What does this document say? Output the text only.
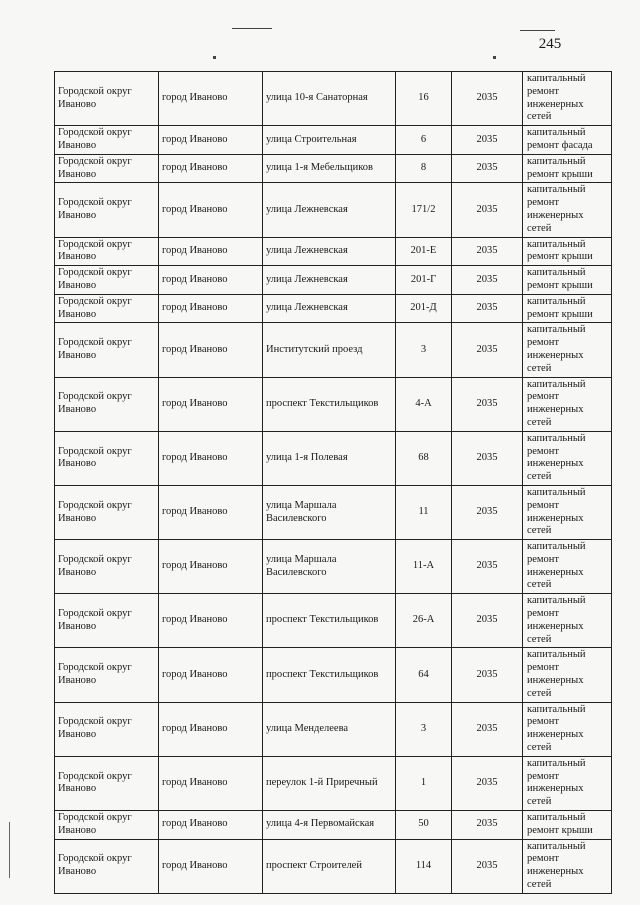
245
Городской округ Иваново	город Иваново	улица 10-я Санаторная	16	2035	капитальный ремонт инженерных сетей
Городской округ Иваново	город Иваново	улица Строительная	6	2035	капитальный ремонт фасада
Городской округ Иваново	город Иваново	улица 1-я Мебельщиков	8	2035	капитальный ремонт крыши
Городской округ Иваново	город Иваново	улица Лежневская	171/2	2035	капитальный ремонт инженерных сетей
Городской округ Иваново	город Иваново	улица Лежневская	201-Е	2035	капитальный ремонт крыши
Городской округ Иваново	город Иваново	улица Лежневская	201-Г	2035	капитальный ремонт крыши
Городской округ Иваново	город Иваново	улица Лежневская	201-Д	2035	капитальный ремонт крыши
Городской округ Иваново	город Иваново	Институтский проезд	3	2035	капитальный ремонт инженерных сетей
Городской округ Иваново	город Иваново	проспект Текстильщиков	4-А	2035	капитальный ремонт инженерных сетей
Городской округ Иваново	город Иваново	улица 1-я Полевая	68	2035	капитальный ремонт инженерных сетей
Городской округ Иваново	город Иваново	улица Маршала Василевского	11	2035	капитальный ремонт инженерных сетей
Городской округ Иваново	город Иваново	улица Маршала Василевского	11-А	2035	капитальный ремонт инженерных сетей
Городской округ Иваново	город Иваново	проспект Текстильщиков	26-А	2035	капитальный ремонт инженерных сетей
Городской округ Иваново	город Иваново	проспект Текстильщиков	64	2035	капитальный ремонт инженерных сетей
Городской округ Иваново	город Иваново	улица Менделеева	3	2035	капитальный ремонт инженерных сетей
Городской округ Иваново	город Иваново	переулок 1-й Приречный	1	2035	капитальный ремонт инженерных сетей
Городской округ Иваново	город Иваново	улица 4-я Первомайская	50	2035	капитальный ремонт крыши
Городской округ Иваново	город Иваново	проспект Строителей	114	2035	капитальный ремонт инженерных сетей
